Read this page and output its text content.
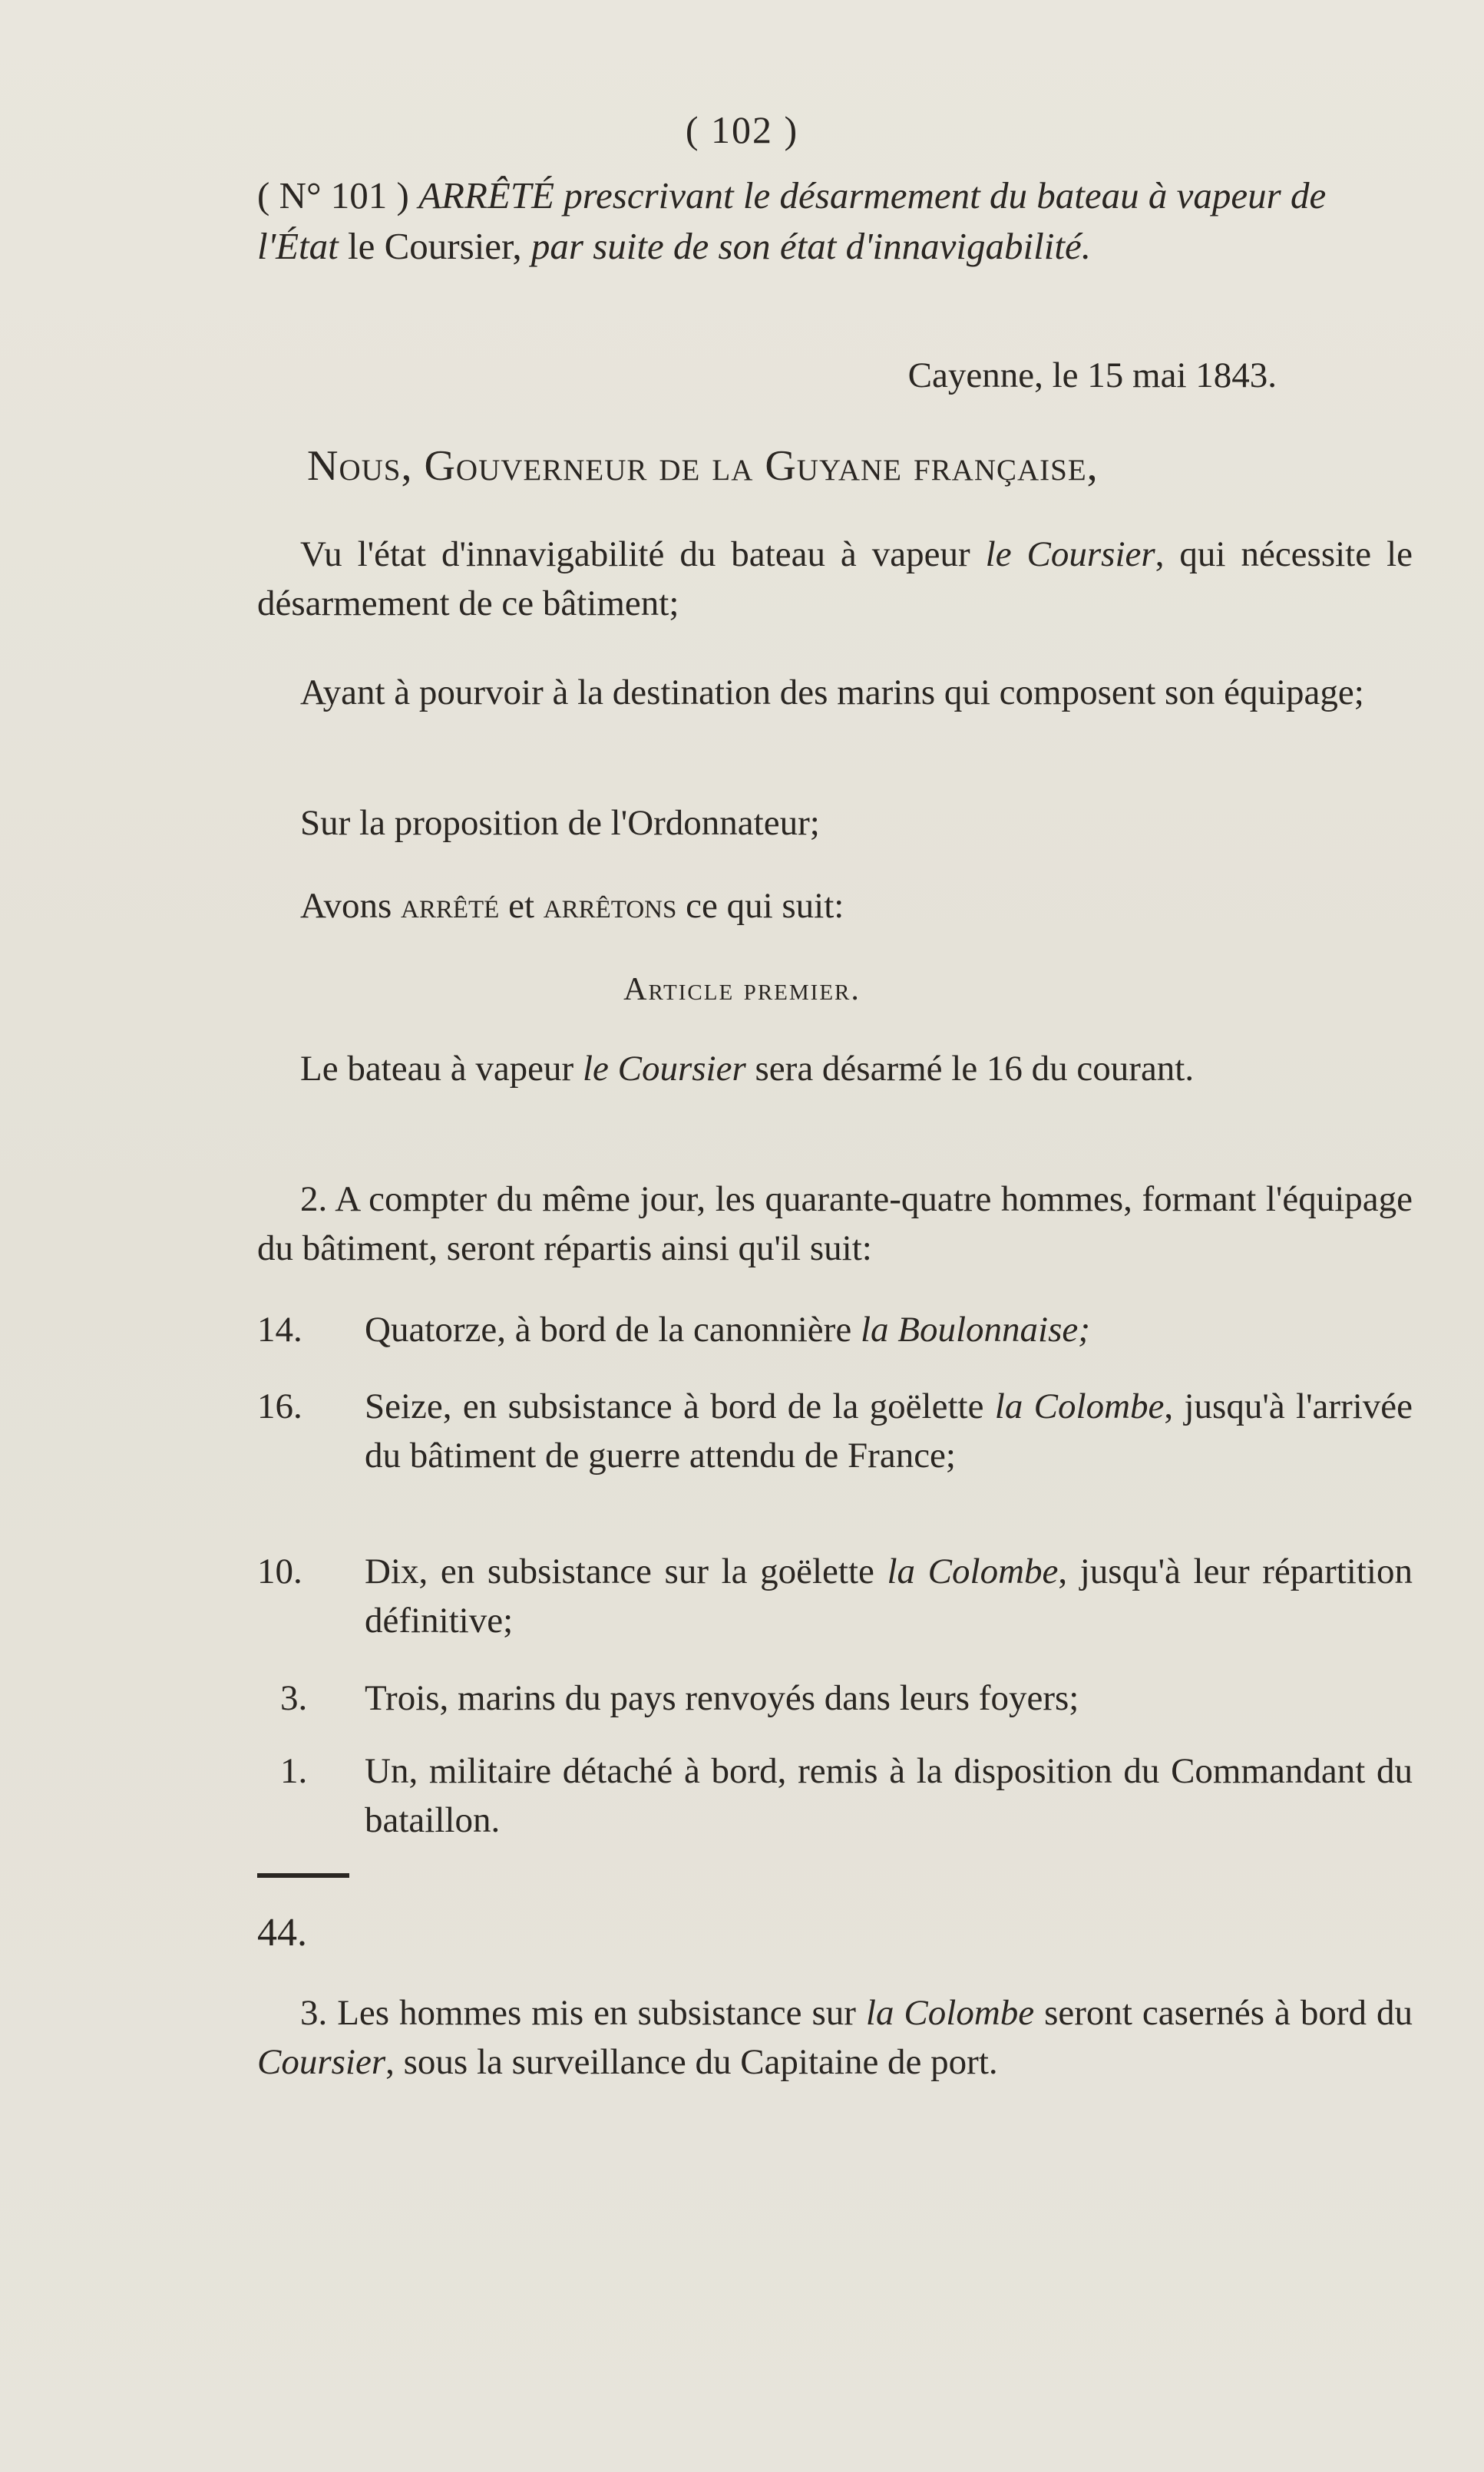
( 102 )
( N° 101 ) ARRÊTÉ prescrivant le désarmement du bateau à vapeur de l'État le Coursier, par suite de son état d'innavigabilité.
Cayenne, le 15 mai 1843.
Nous, Gouverneur de la Guyane française,
Vu l'état d'innavigabilité du bateau à vapeur le Coursier, qui nécessite le désarmement de ce bâtiment;
Ayant à pourvoir à la destination des marins qui composent son équipage;
Sur la proposition de l'Ordonnateur;
Avons arrêté et arrêtons ce qui suit:
Article premier.
Le bateau à vapeur le Coursier sera désarmé le 16 du courant.
2. A compter du même jour, les quarante-quatre hommes, formant l'équipage du bâtiment, seront répartis ainsi qu'il suit:
14.	Quatorze, à bord de la canonnière la Boulonnaise;
16.	Seize, en subsistance à bord de la goëlette la Colombe, jusqu'à l'arrivée du bâtiment de guerre attendu de France;
10.	Dix, en subsistance sur la goëlette la Colombe, jusqu'à leur répartition définitive;
3.	Trois, marins du pays renvoyés dans leurs foyers;
1.	Un, militaire détaché à bord, remis à la disposition du Commandant du bataillon.
44.
3. Les hommes mis en subsistance sur la Colombe seront casernés à bord du Coursier, sous la surveillance du Capitaine de port.
